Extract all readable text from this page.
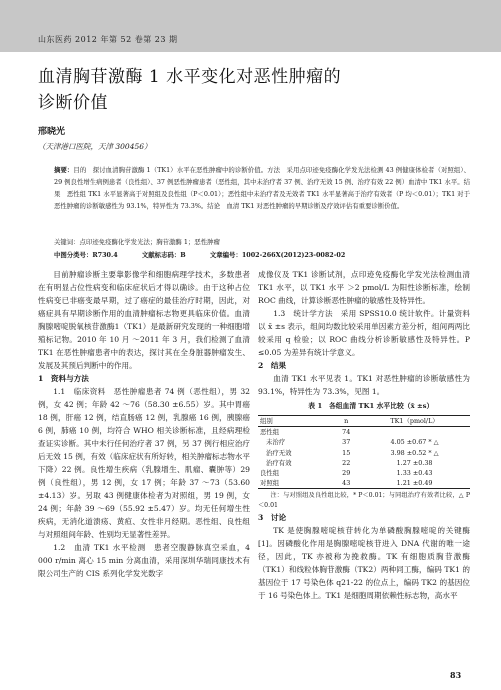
山东医药 2012 年第 52 卷第 23 期
血清胸苷激酶 1 水平变化对恶性肿瘤的
诊断价值
邢晓光
（天津港口医院，天津 300456）
摘要：目的　探讨血清胸苷激酶 1（TK1）水平在恶性肿瘤中的诊断价值。方法　采用点印迹免疫酶化学发光法检测 43 例健康体检者（对照组）、29 例良性增生病例患者（良性组）、37 例恶性肿瘤患者（恶性组，其中未治疗者 37 例、治疗无效 15 例、治疗有效 22 例）血清中 TK1 水平。结果　恶性组 TK1 水平显著高于对照组及良性组（P＜0.01）；恶性组中未治疗者及无效者 TK1 水平显著高于治疗有效者（P 均＜0.01）；TK1 对于恶性肿瘤的诊断敏感性为 93.1%，特异性为 73.3%。结论　血清 TK1 对恶性肿瘤的早期诊断及疗效评估有重要诊断价值。
关键词：点印迹免疫酶化学发光法；胸苷激酶 1；恶性肿瘤
中图分类号：R730.4	文献标志码：B	文章编号：1002-266X(2012)23-0082-02

目前肿瘤诊断主要靠影像学和细胞病理学技术，多数患者在有明显占位性病变和临床症状后才得以确诊。由于这种占位性病变已非癌变最早期，过了癌症的最佳治疗时期，因此，对癌症具有早期诊断作用的血清肿瘤标志物更具临床价值。血清胸腺嘧啶脱氧核苷激酶1（TK1）是最新研究发现的一种细胞增殖标记物。2010 年 10 月 ～2011 年 3 月，我们检测了血清 TK1 在恶性肿瘤患者中的表达，探讨其在全身脏器肿瘤发生、发展及其预后判断中的作用。

1　资料与方法

1.1　临床资料　恶性肿瘤患者 74 例（恶性组），男 32 例，女 42 例；年龄 42 ～76（58.30 ±6.55）岁。其中胃癌 18 例，肝癌 12 例，结直肠癌 12 例，乳腺癌 16 例，胰腺癌 6 例，肺癌 10 例，均符合 WHO 相关诊断标准，且经病理检查证实诊断。其中未行任何治疗者 37 例，另 37 例行相应治疗后无效 15 例，有效（临床症状有所好转，相关肿瘤标志物水平下降）22 例。良性增生疾病（乳腺增生、肌瘤、囊肿等）29 例（良性组），男 12 例，女 17 例；年龄 37 ～73（53.60 ±4.13）岁。另取 43 例健康体检者为对照组，男 19 例，女 24 例；年龄 39 ～69（55.92 ±5.47）岁。均无任何增生性疾病，无消化道溃疡、黄疸、女性非月经期。恶性组、良性组与对照组间年龄、性别均无显著性差异。

1.2　血清 TK1 水平检测　患者空腹静脉真空采血，4 000 r/min 离心 15 min 分离血清，采用深圳华瑞同康技术有限公司生产的 CIS 系列化学发光数字

成像仪及 TK1 诊断试剂，点印迹免疫酶化学发光法检测血清 TK1 水平，以 TK1 水平 ＞2 pmol/L 为阳性诊断标准，绘制 ROC 曲线，计算诊断恶性肿瘤的敏感性及特异性。

1.3　统计学方法　采用 SPSS10.0 统计软件。计量资料以 x̄ ±s 表示，组间均数比较采用单因素方差分析，组间两两比较采用 q 检验；以 ROC 曲线分析诊断敏感性及特异性。P ≤0.05 为差异有统计学意义。

2　结果

血清 TK1 水平见表 1。TK1 对恶性肿瘤的诊断敏感性为 93.1%，特异性为 73.3%，见图 1。

表 1　各组血清 TK1 水平比较（x̄ ±s）

组别	n	TK1（pmol/L）
恶性组	74	
未治疗	37	4.05 ±0.67 * △
治疗无效	15	3.98 ±0.52 * △
治疗有效	22	1.27 ±0.38
良性组	29	1.33 ±0.43
对照组	43	1.21 ±0.49

注：与对照组及良性组比较，* P＜0.01；与同组治疗有效者比较，△ P＜0.01

3　讨论

TK 是使胸腺嘧啶核苷转化为单磷酸胸腺嘧啶的关键酶[1]。因磷酸化作用是胸腺嘧啶核苷进入 DNA 代谢的唯一途径，因此，TK 亦被称为挽救酶。TK 有细胞质胸苷激酶（TK1）和线粒体胸苷激酶（TK2）两种同工酶，编码 TK1 的基因位于 17 号染色体 q21-22 的位点上，编码 TK2 的基因位于 16 号染色体上。TK1 是细胞周期依赖性标志物，高水平

83
